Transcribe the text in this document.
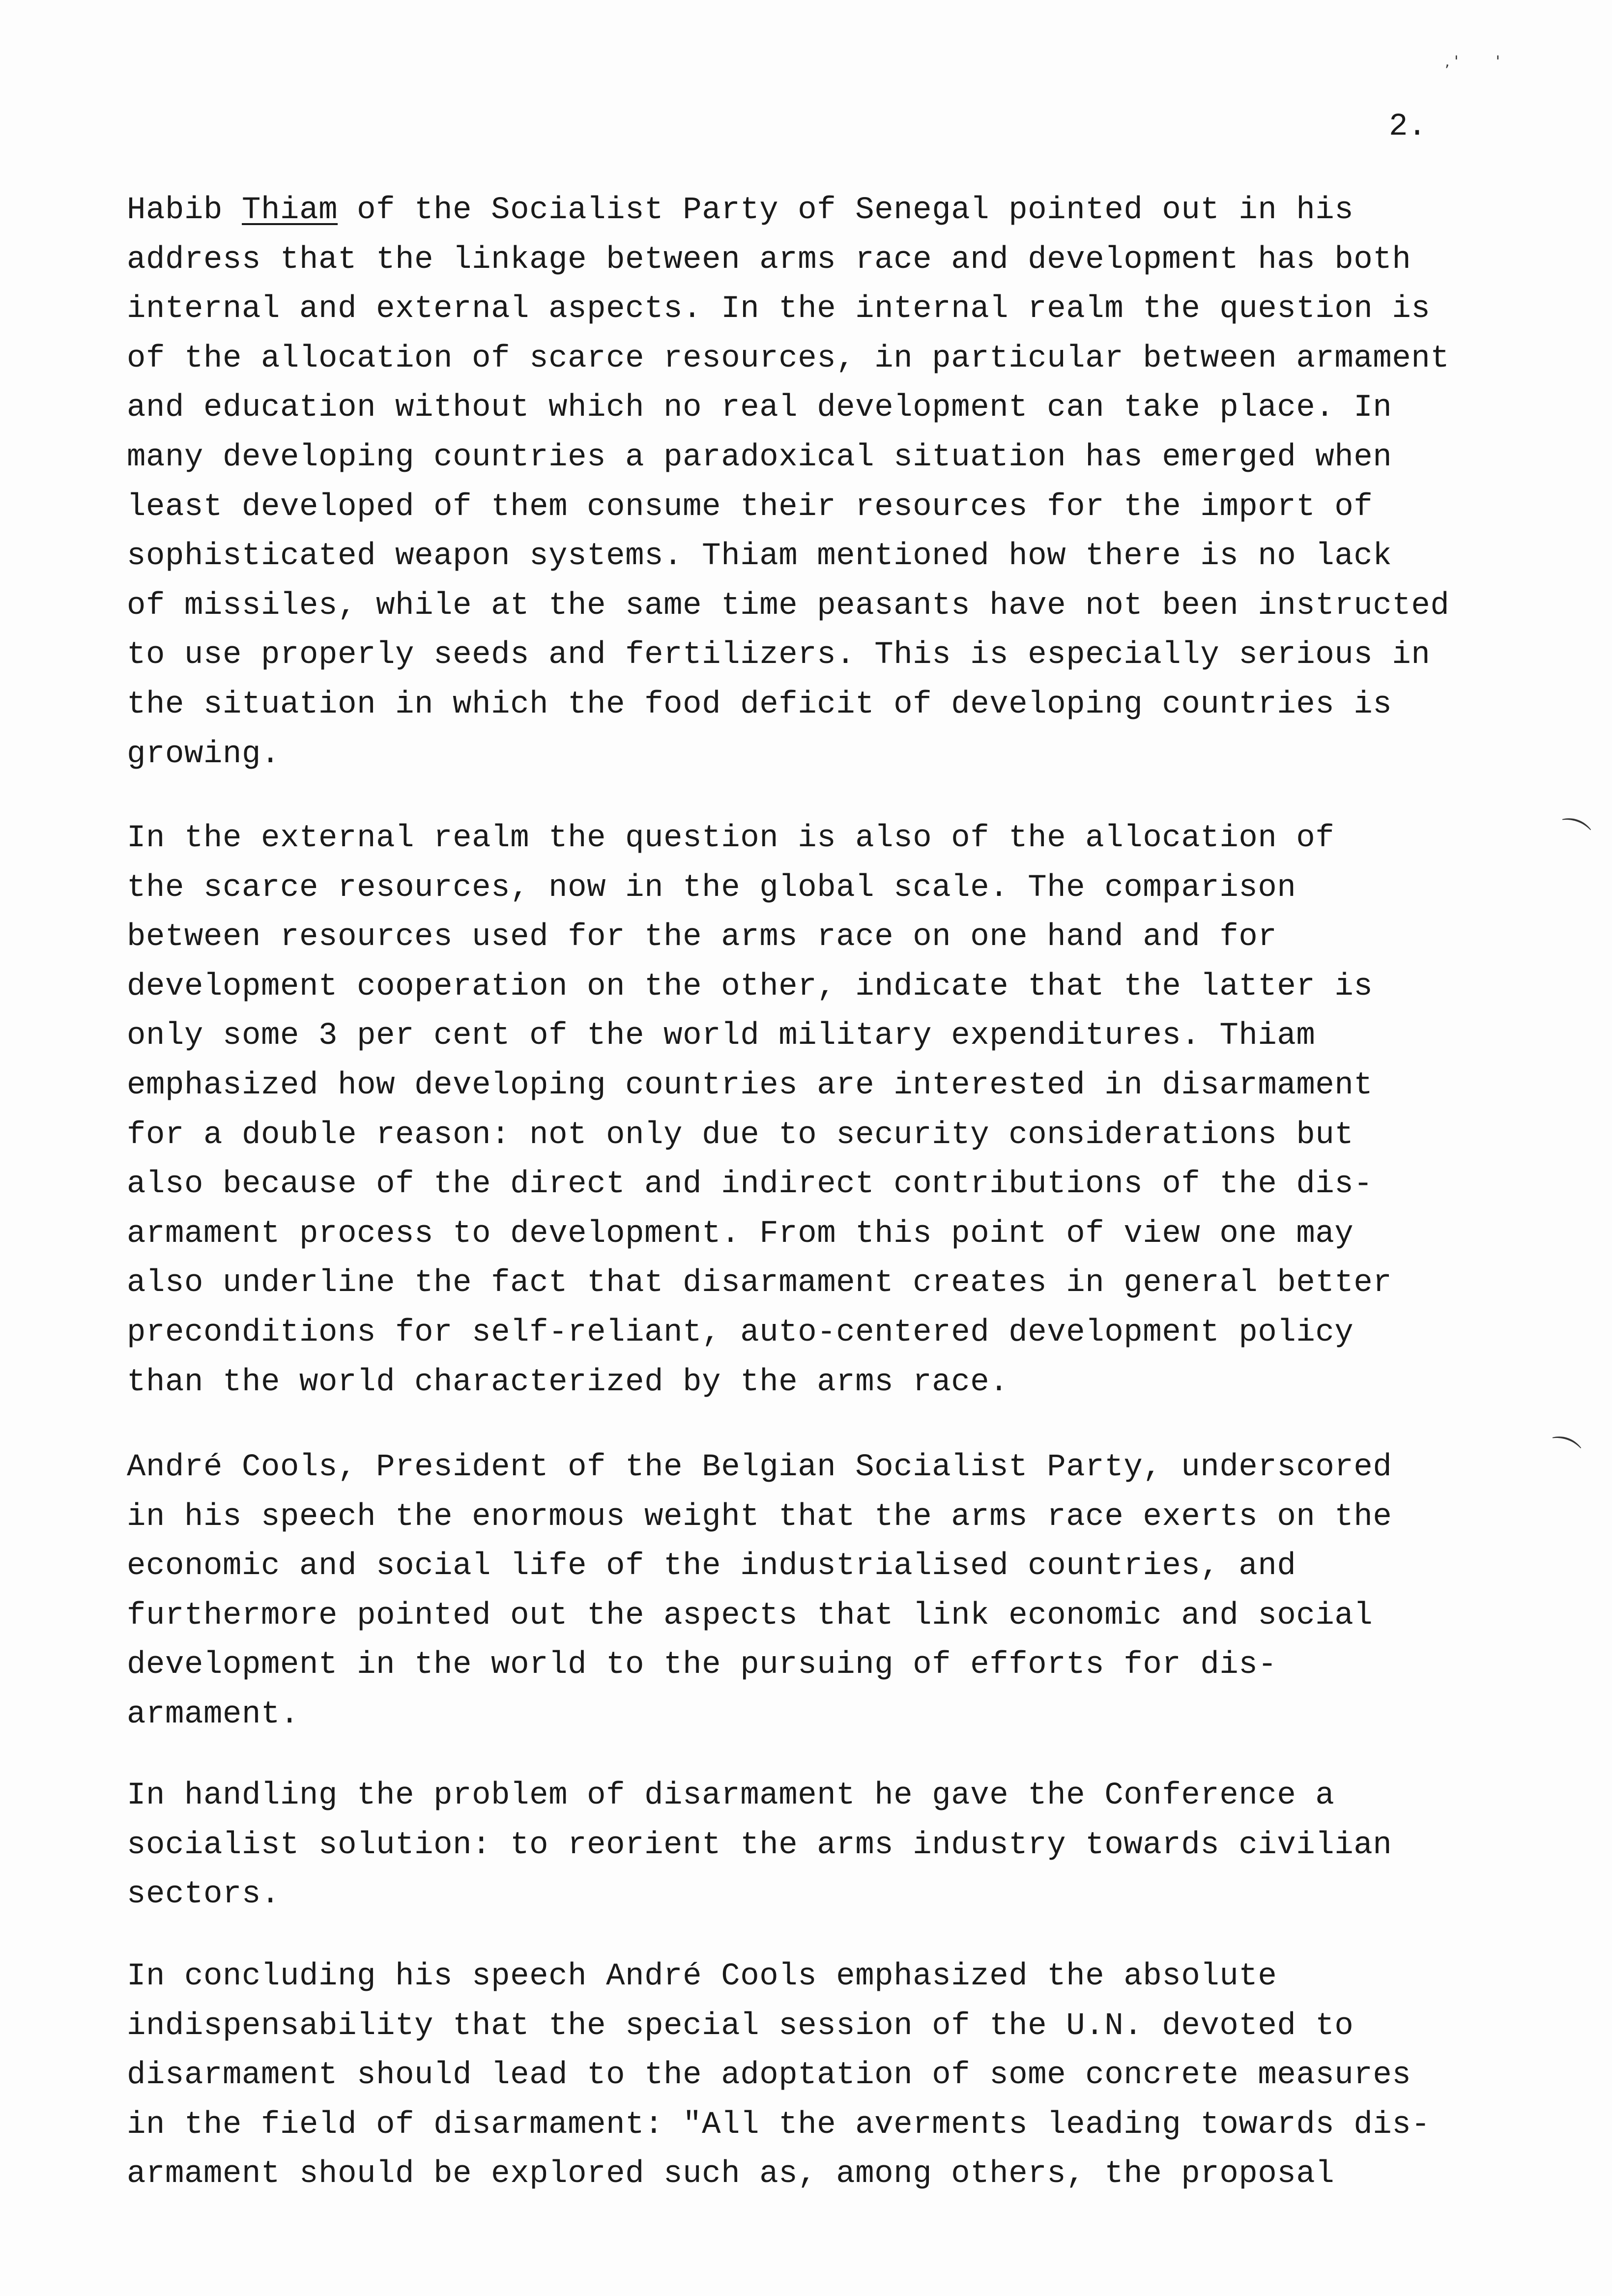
, '        '
⌒
⌒
2.
Habib Thiam of the Socialist Party of Senegal pointed out in his
address that the linkage between arms race and development has both
internal and external aspects. In the internal realm the question is
of the allocation of scarce resources, in particular between armament
and education without which no real development can take place. In
many developing countries a paradoxical situation has emerged when
least developed of them consume their resources for the import of
sophisticated weapon systems. Thiam mentioned how there is no lack
of missiles, while at the same time peasants have not been instructed
to use properly seeds and fertilizers. This is especially serious in
the situation in which the food deficit of developing countries is
growing.
In the external realm the question is also of the allocation of
the scarce resources, now in the global scale. The comparison
between resources used for the arms race on one hand and for
development cooperation on the other, indicate that the latter is
only some 3 per cent of the world military expenditures. Thiam
emphasized how developing countries are interested in disarmament
for a double reason: not only due to security considerations but
also because of the direct and indirect contributions of the dis-
armament process to development. From this point of view one may
also underline the fact that disarmament creates in general better
preconditions for self-reliant, auto-centered development policy
than the world characterized by the arms race.
André Cools, President of the Belgian Socialist Party, underscored
in his speech the enormous weight that the arms race exerts on the
economic and social life of the industrialised countries, and
furthermore pointed out the aspects that link economic and social
development in the world to the pursuing of efforts for dis-
armament.
In handling the problem of disarmament he gave the Conference a
socialist solution: to reorient the arms industry towards civilian
sectors.
In concluding his speech André Cools emphasized the absolute
indispensability that the special session of the U.N. devoted to
disarmament should lead to the adoptation of some concrete measures
in the field of disarmament: "All the averments leading towards dis-
armament should be explored such as, among others, the proposal
